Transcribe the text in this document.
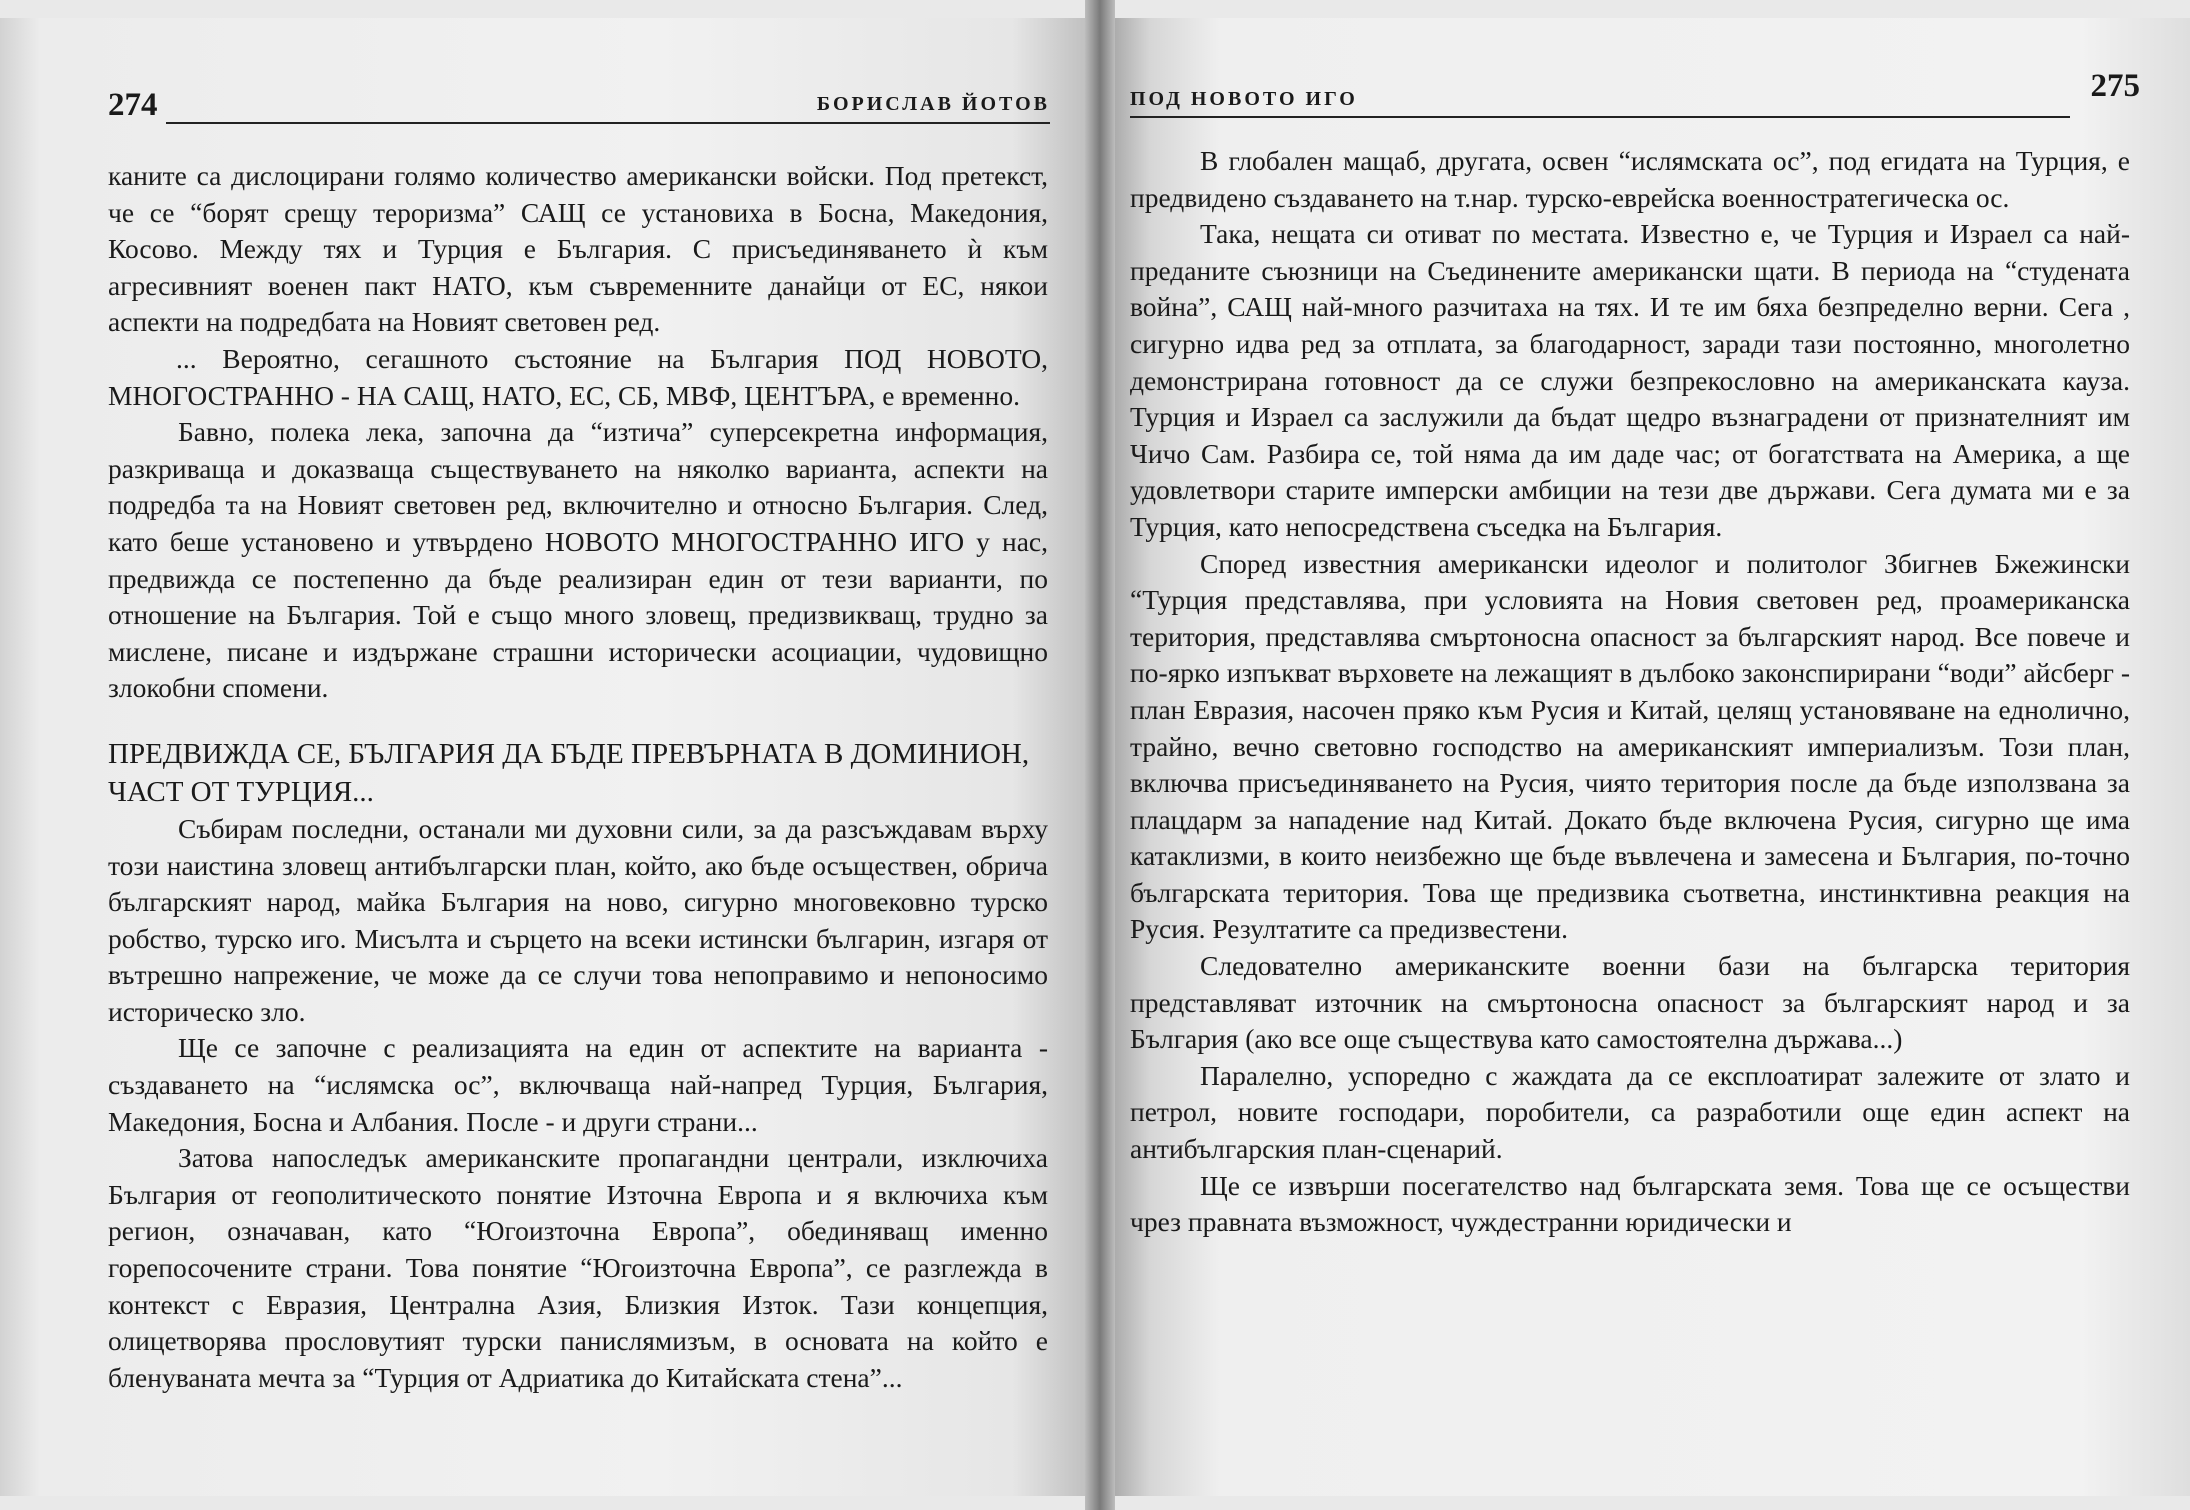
274	БОРИСЛАВ ЙОТОВ

каните са дислоцирани голямо количество американски войски. Под претекст, че се “борят срещу тероризма” САЩ се установиха в Босна, Македония, Косово. Между тях и Турция е България. С присъединяването ѝ към агресивният военен пакт НАТО, към съвременните данайци от ЕС, някои аспекти на подредбата на Новият световен ред.

... Вероятно, сегашното състояние на България ПОД НОВОТО, МНОГОСТРАННО - НА САЩ, НАТО, ЕС, СБ, МВФ, ЦЕНТЪРА, е временно.

Бавно, полека лека, започна да “изтича” суперсекретна информация, разкриваща и доказваща съществуването на няколко варианта, аспекти на подредба та на Новият световен ред, включително и относно България. След, като беше установено и утвърдено НОВОТО МНОГОСТРАННО ИГО у нас, предвижда се постепенно да бъде реализиран един от тези варианти, по отношение на България. Той е също много зловещ, предизвикващ, трудно за мислене, писане и издържане страшни исторически асоциации, чудовищно злокобни спомени.

ПРЕДВИЖДА СЕ, БЪЛГАРИЯ ДА БЪДЕ ПРЕВЪРНАТА В ДОМИНИОН, ЧАСТ ОТ ТУРЦИЯ...

Събирам последни, останали ми духовни сили, за да разсъждавам върху този наистина зловещ антибългарски план, който, ако бъде осъществен, обрича българският народ, майка България на ново, сигурно многовековно турско робство, турско иго. Мисълта и сърцето на всеки истински българин, изгаря от вътрешно напрежение, че може да се случи това непоправимо и непоносимо историческо зло.

Ще се започне с реализацията на един от аспектите на варианта - създаването на “ислямска ос”, включваща най-напред Турция, България, Македония, Босна и Албания. После - и други страни...

Затова напоследък американските пропагандни централи, изключиха България от геополитическото понятие Източна Европа и я включиха към регион, означаван, като “Югоизточна Европа”, обединяващ именно горепосочените страни. Това понятие “Югоизточна Европа”, се разглежда в контекст с Евразия, Централна Азия, Близкия Изток. Тази концепция, олицетворява прословутият турски панислямизъм, в основата на който е бленуваната мечта за “Турция от Адриатика до Китайската стена”...

ПОД НОВОТО ИГО	275

В глобален мащаб, другата, освен “ислямската ос”, под егидата на Турция, е предвидено създаването на т.нар. турско-еврейска военностратегическа ос.

Така, нещата си отиват по местата. Известно е, че Турция и Израел са най-преданите съюзници на Съединените американски щати. В периода на “студената война”, САЩ най-много разчитаха на тях. И те им бяха безпределно верни. Сега , сигурно идва ред за отплата, за благодарност, заради тази постоянно, многолетно демонстрирана готовност да се служи безпрекословно на американската кауза. Турция и Израел са заслужили да бъдат щедро възнаградени от признателният им Чичо Сам. Разбира се, той няма да им даде час; от богатствата на Америка, а ще удовлетвори старите имперски амбиции на тези две държави. Сега думата ми е за Турция, като непосредствена съседка на България.

Според известния американски идеолог и политолог Збигнев Бжежински “Турция представлява, при условията на Новия световен ред, проамериканска територия, представлява смъртоносна опасност за българският народ. Все повече и по-ярко изпъкват върховете на лежащият в дълбоко законспирирани “води” айсберг - план Евразия, насочен пряко към Русия и Китай, целящ установяване на еднолично, трайно, вечно световно господство на американският империализъм. Този план, включва присъединяването на Русия, чиято територия после да бъде използвана за плацдарм за нападение над Китай. Докато бъде включена Русия, сигурно ще има катаклизми, в които неизбежно ще бъде въвлечена и замесена и България, по-точно българската територия. Това ще предизвика съответна, инстинктивна реакция на Русия. Резултатите са предизвестени.

Следователно американските военни бази на българска територия представляват източник на смъртоносна опасност за българският народ и за България (ако все още съществува като самостоятелна държава...)

Паралелно, успоредно с жаждата да се експлоатират залежите от злато и петрол, новите господари, поробители, са разработили още един аспект на антибългарския план-сценарий.

Ще се извърши посегателство над българската земя. Това ще се осъществи чрез правната възможност, чуждестранни юридически и
